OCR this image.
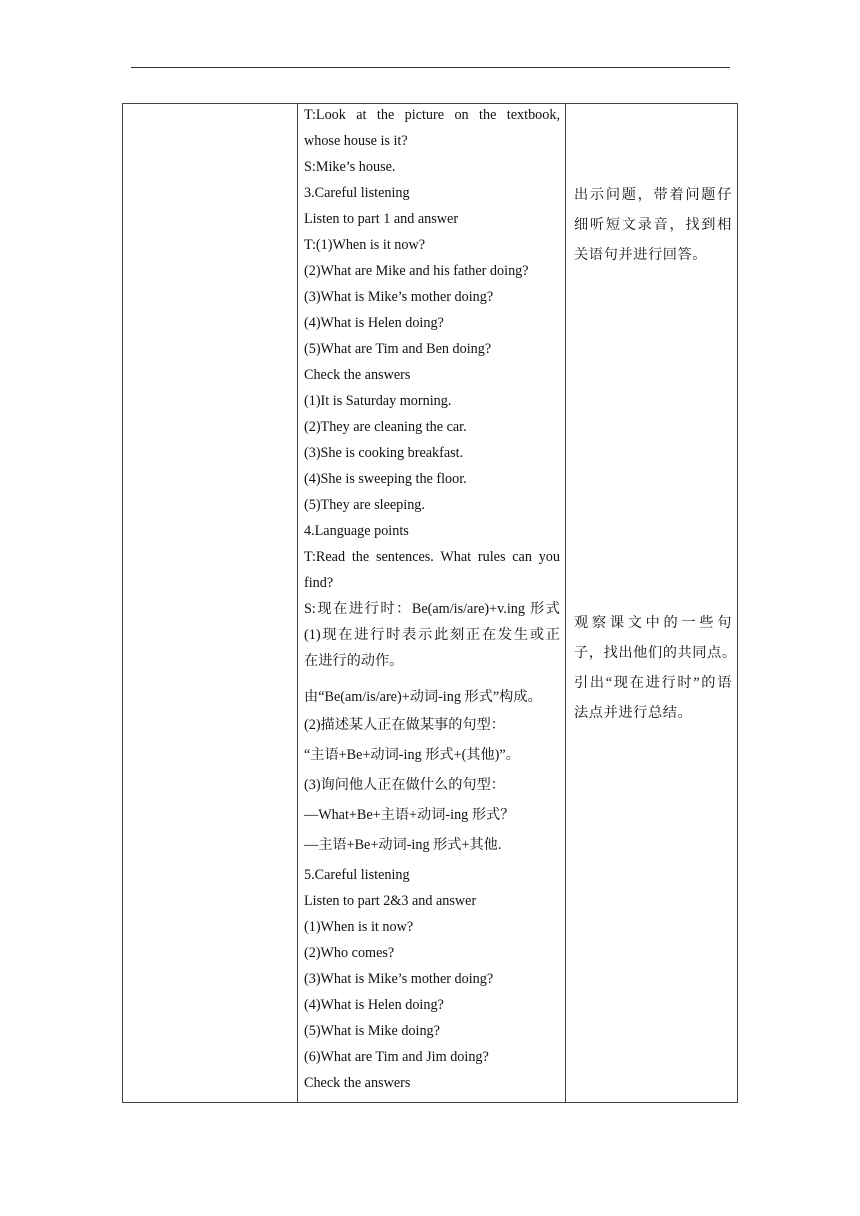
T:Look at the picture on the textbook,
whose house is it?
S:Mike’s house.
3.Careful listening
Listen to part 1 and answer
T:(1)When is it now?
(2)What are Mike and his father doing?
(3)What is Mike’s mother doing?
(4)What is Helen doing?
(5)What are Tim and Ben doing?
Check the answers
(1)It is Saturday morning.
(2)They are cleaning the car.
(3)She is cooking breakfast.
(4)She is sweeping the floor.
(5)They are sleeping.
4.Language points
T:Read the sentences. What rules can you
find?
S:现在进行时：Be(am/is/are)+v.ing 形式
(1)现在进行时表示此刻正在发生或正
在进行的动作。
由“Be(am/is/are)+动词-ing 形式”构成。
(2)描述某人正在做某事的句型：
“主语+Be+动词-ing 形式+(其他)”。
(3)询问他人正在做什么的句型：
—What+Be+主语+动词-ing 形式？
—主语+Be+动词-ing 形式+其他.
5.Careful listening
Listen to part 2&3 and answer
(1)When is it now?
(2)Who comes?
(3)What is Mike’s mother doing?
(4)What is Helen doing?
(5)What is Mike doing?
(6)What are Tim and Jim doing?
Check the answers
出示问题，带着问题仔
细听短文录音，找到相
关语句并进行回答。
观察课文中的一些句
子，找出他们的共同点。
引出“现在进行时”的语
法点并进行总结。
